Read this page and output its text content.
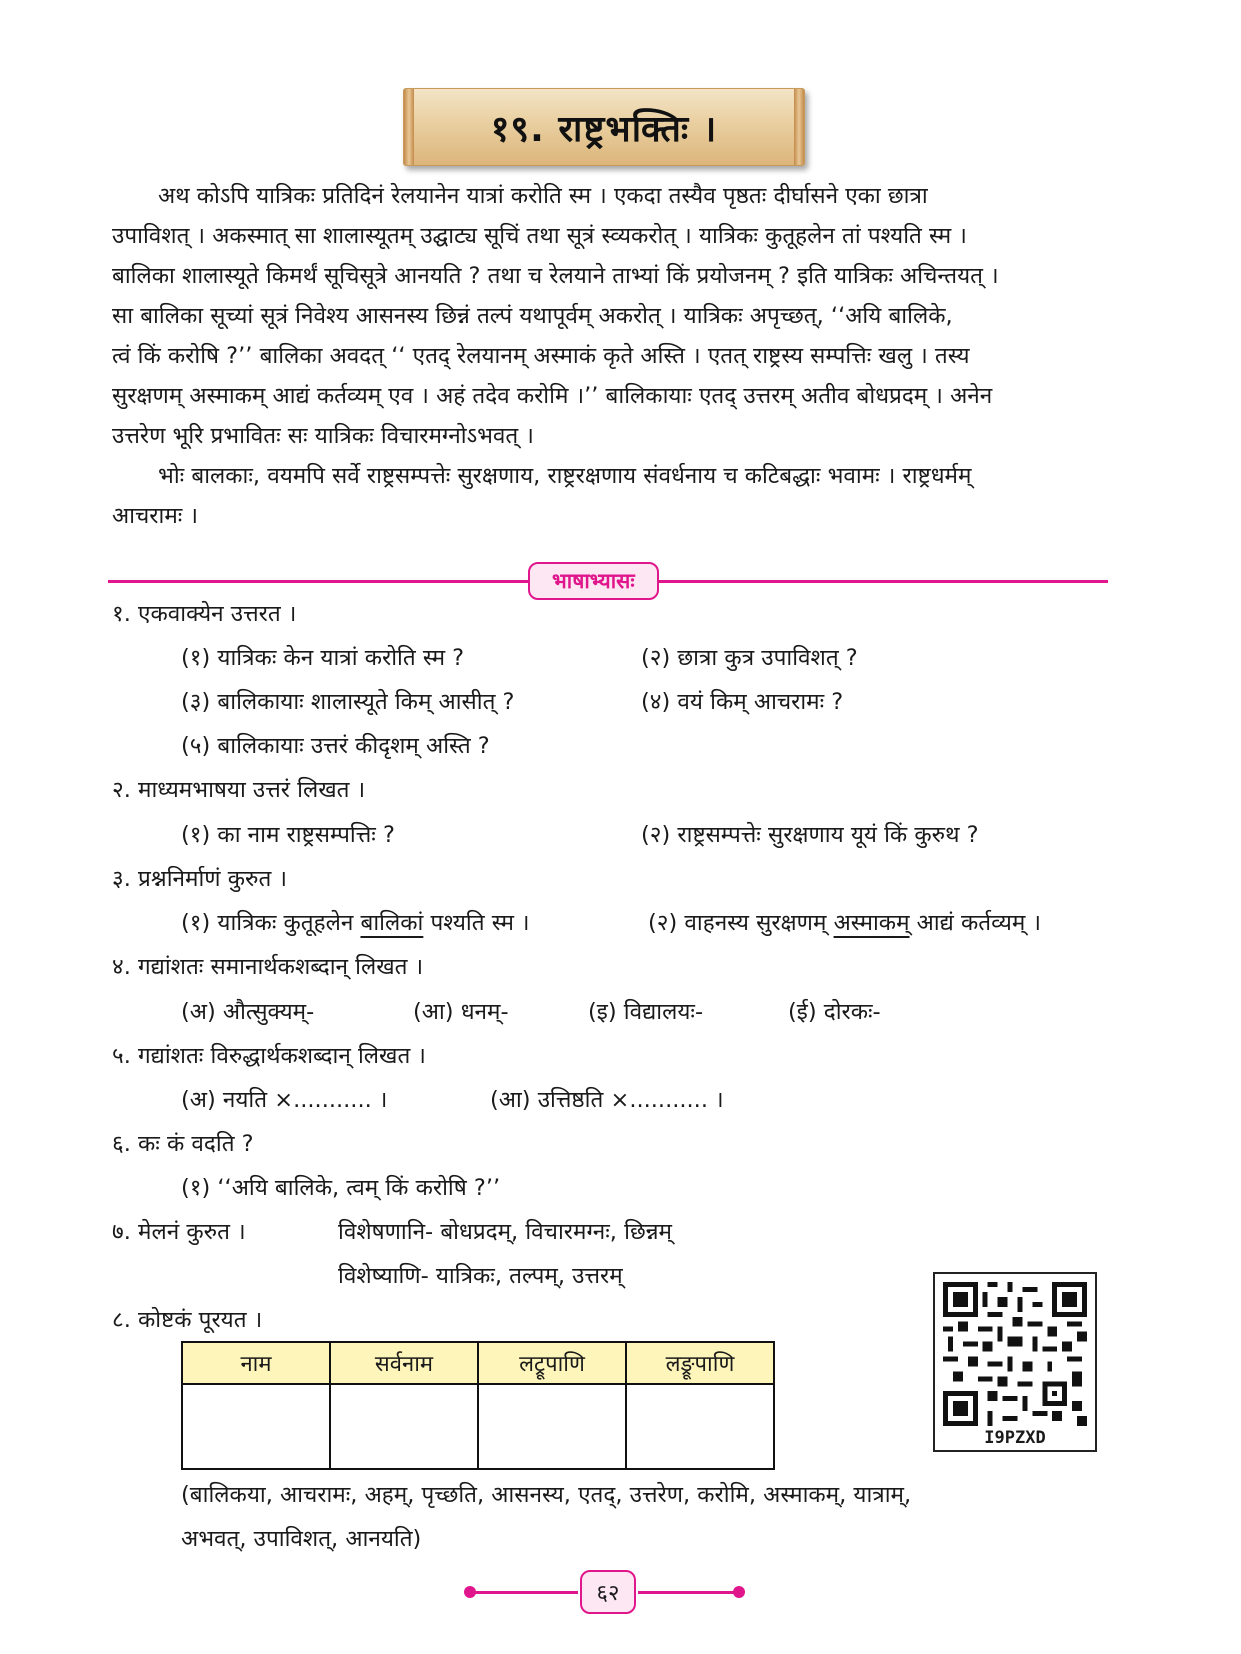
१९. राष्ट्रभक्तिः ।
अथ कोऽपि यात्रिकः प्रतिदिनं रेलयानेन यात्रां करोति स्म । एकदा तस्यैव पृष्ठतः दीर्घासने एका छात्रा
उपाविशत् । अकस्मात् सा शालास्यूतम् उद्घाट्य सूचिं तथा सूत्रं स्व्यकरोत् । यात्रिकः कुतूहलेन तां पश्यति स्म ।
बालिका शालास्यूते किमर्थं सूचिसूत्रे आनयति ? तथा च रेलयाने ताभ्यां किं प्रयोजनम् ? इति यात्रिकः अचिन्तयत् ।
सा बालिका सूच्यां सूत्रं निवेश्य आसनस्य छिन्नं तल्पं यथापूर्वम् अकरोत् । यात्रिकः अपृच्छत्, ‘‘अयि बालिके,
त्वं किं करोषि ?’’ बालिका अवदत् ‘‘ एतद् रेलयानम् अस्माकं कृते अस्ति । एतत् राष्ट्रस्य सम्पत्तिः खलु । तस्य
सुरक्षणम् अस्माकम् आद्यं कर्तव्यम् एव । अहं तदेव करोमि ।’’ बालिकायाः एतद् उत्तरम् अतीव बोधप्रदम् । अनेन
उत्तरेण भूरि प्रभावितः सः यात्रिकः विचारमग्नोऽभवत् ।
भोः बालकाः, वयमपि सर्वे राष्ट्रसम्पत्तेः सुरक्षणाय, राष्ट्ररक्षणाय संवर्धनाय च कटिबद्धाः भवामः । राष्ट्रधर्मम्
आचरामः ।
भाषाभ्यासः
१. एकवाक्येन उत्तरत ।
(१) यात्रिकः केन यात्रां करोति स्म ?	(२) छात्रा कुत्र उपाविशत् ?
(३) बालिकायाः शालास्यूते किम् आसीत् ?	(४) वयं किम् आचरामः ?
(५) बालिकायाः उत्तरं कीदृशम् अस्ति ?
२. माध्यमभाषया उत्तरं लिखत ।
(१) का नाम राष्ट्रसम्पत्तिः ?	(२) राष्ट्रसम्पत्तेः सुरक्षणाय यूयं किं कुरुथ ?
३. प्रश्ननिर्माणं कुरुत ।
(१) यात्रिकः कुतूहलेन बालिकां पश्यति स्म ।	(२) वाहनस्य सुरक्षणम् अस्माकम् आद्यं कर्तव्यम् ।
४. गद्यांशतः समानार्थकशब्दान् लिखत ।
(अ) औत्सुक्यम्-	(आ) धनम्-	(इ) विद्यालयः-	(ई) दोरकः-
५. गद्यांशतः विरुद्धार्थकशब्दान् लिखत ।
(अ) नयति ×........... ।	(आ) उत्तिष्ठति ×........... ।
६. कः कं वदति ?
(१) ‘‘अयि बालिके, त्वम् किं करोषि ?’’
७. मेलनं कुरुत ।	विशेषणानि- बोधप्रदम्, विचारमग्नः, छिन्नम्
विशेष्याणि- यात्रिकः, तल्पम्, उत्तरम्
८. कोष्टकं पूरयत ।
नाम	सर्वनाम	लट्रूपाणि	लङ्रूपाणि

(बालिकया, आचरामः, अहम्, पृच्छति, आसनस्य, एतद्, उत्तरेण, करोमि, अस्माकम्, यात्राम्,
अभवत्, उपाविशत्, आनयति)
I9PZXD
६२
